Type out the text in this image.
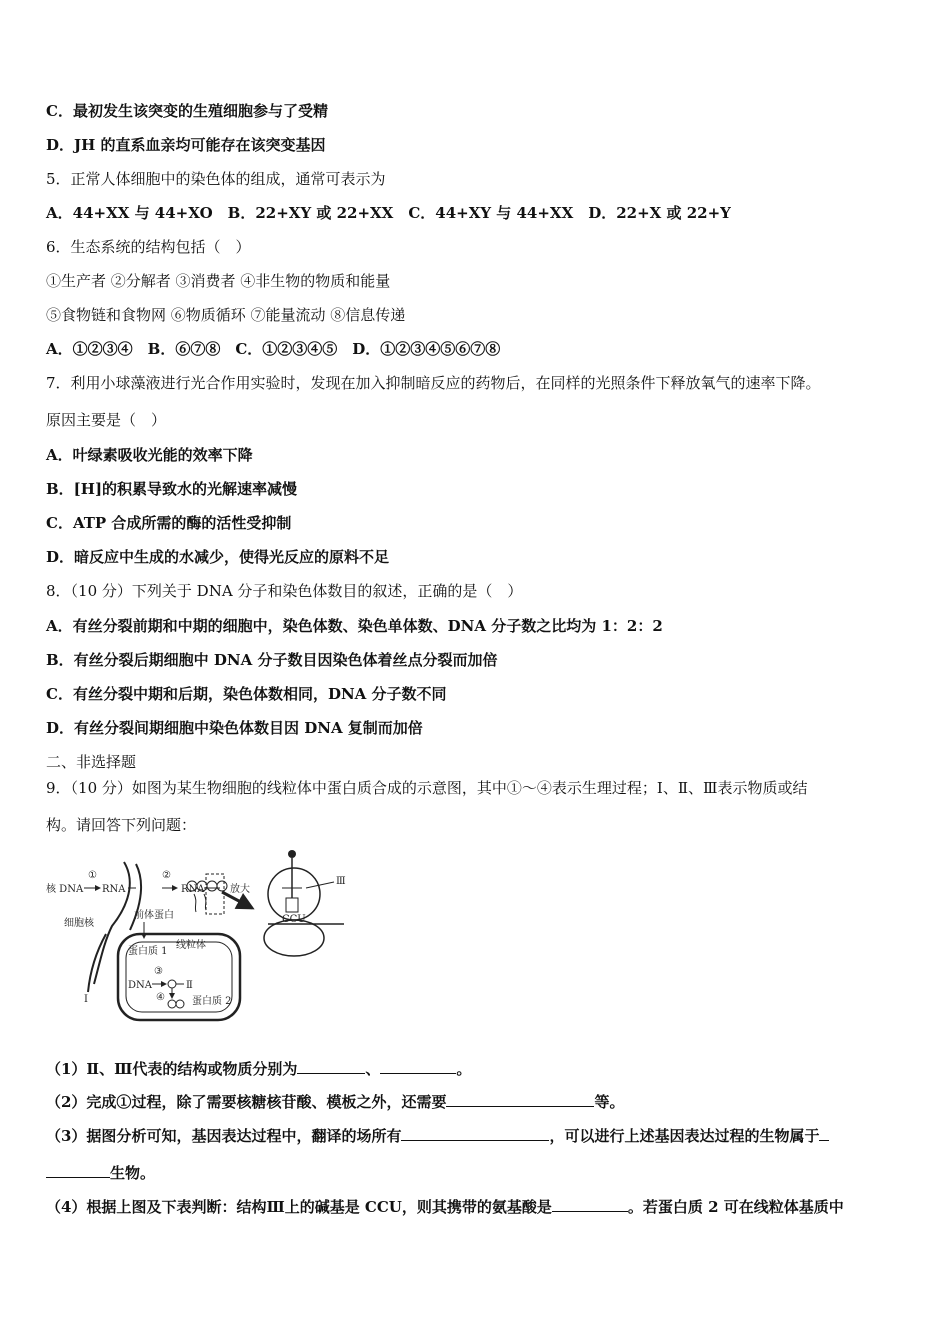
C．最初发生该突变的生殖细胞参与了受精
D．JH 的直系血亲均可能存在该突变基因
5．正常人体细胞中的染色体的组成，通常可表示为
A．44+XX 与 44+XO　B．22+XY 或 22+XX　C．44+XY 与 44+XX　D．22+X 或 22+Y
6．生态系统的结构包括（　）
①生产者 ②分解者 ③消费者 ④非生物的物质和能量
⑤食物链和食物网 ⑥物质循环 ⑦能量流动 ⑧信息传递
A．①②③④　B．⑥⑦⑧　C．①②③④⑤　D．①②③④⑤⑥⑦⑧
7．利用小球藻液进行光合作用实验时，发现在加入抑制暗反应的药物后，在同样的光照条件下释放氧气的速率下降。
原因主要是（　）
A．叶绿素吸收光能的效率下降
B．[H]的积累导致水的光解速率减慢
C．ATP 合成所需的酶的活性受抑制
D．暗反应中生成的水减少，使得光反应的原料不足
8．（10 分）下列关于 DNA 分子和染色体数目的叙述，正确的是（　）
A．有丝分裂前期和中期的细胞中，染色体数、染色单体数、DNA 分子数之比均为 1：2：2
B．有丝分裂后期细胞中 DNA 分子数目因染色体着丝点分裂而加倍
C．有丝分裂中期和后期，染色体数相同，DNA 分子数不同
D．有丝分裂间期细胞中染色体数目因 DNA 复制而加倍
二、非选择题
9．（10 分）如图为某生物细胞的线粒体中蛋白质合成的示意图，其中①～④表示生理过程；Ⅰ、Ⅱ、Ⅲ表示物质或结
构。请回答下列问题：
核 DNA
①
RNA	RNA
②
细胞核
前体蛋白
放大
蛋白质 1
线粒体
DNA
③
Ⅱ
④	蛋白质 2
Ⅰ
Ⅲ
CCU
（1）Ⅱ、Ⅲ代表的结构或物质分别为	、	。
（2）完成①过程，除了需要核糖核苷酸、模板之外，还需要	等。
（3）据图分析可知，基因表达过程中，翻译的场所有	，可以进行上述基因表达过程的生物属于
生物。
（4）根据上图及下表判断：结构Ⅲ上的碱基是 CCU，则其携带的氨基酸是	。若蛋白质 2 可在线粒体基质中
